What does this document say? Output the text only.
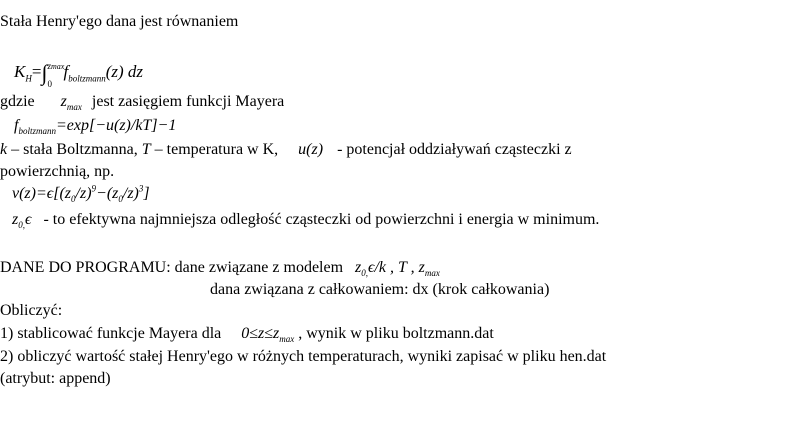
Stała Henry'ego dana jest równaniem
$K_H=\int$ zmax
0
$f_{boltzmann}(z)$ dz
gdzie $z_{max}$ jest zasięgiem funkcji Mayera
$f_{boltzmann}=\exp[-u(z)/kT]-1$
k – stała Boltzmanna, T – temperatura w K, u(z) - potencjał oddziaływań cząsteczki z
powierzchnią, np.
$v(z)=\epsilon[(z_0/z)^9-(z_0/z)^3]$
$z_{0,}\epsilon$ - to efektywna najmniejsza odległość cząsteczki od powierzchni i energia w minimum.
DANE DO PROGRAMU: dane związane z modelem $z_{0,}\epsilon/k$ , T , $z_{max}$
dana związana z całkowaniem: dx (krok całkowania)
Obliczyć:
1) stablicować funkcje Mayera dla $0\le z\le z_{max}$ , wynik w pliku boltzmann.dat
2) obliczyć wartość stałej Henry'ego w różnych temperaturach, wyniki zapisać w pliku hen.dat
(atrybut: append)
